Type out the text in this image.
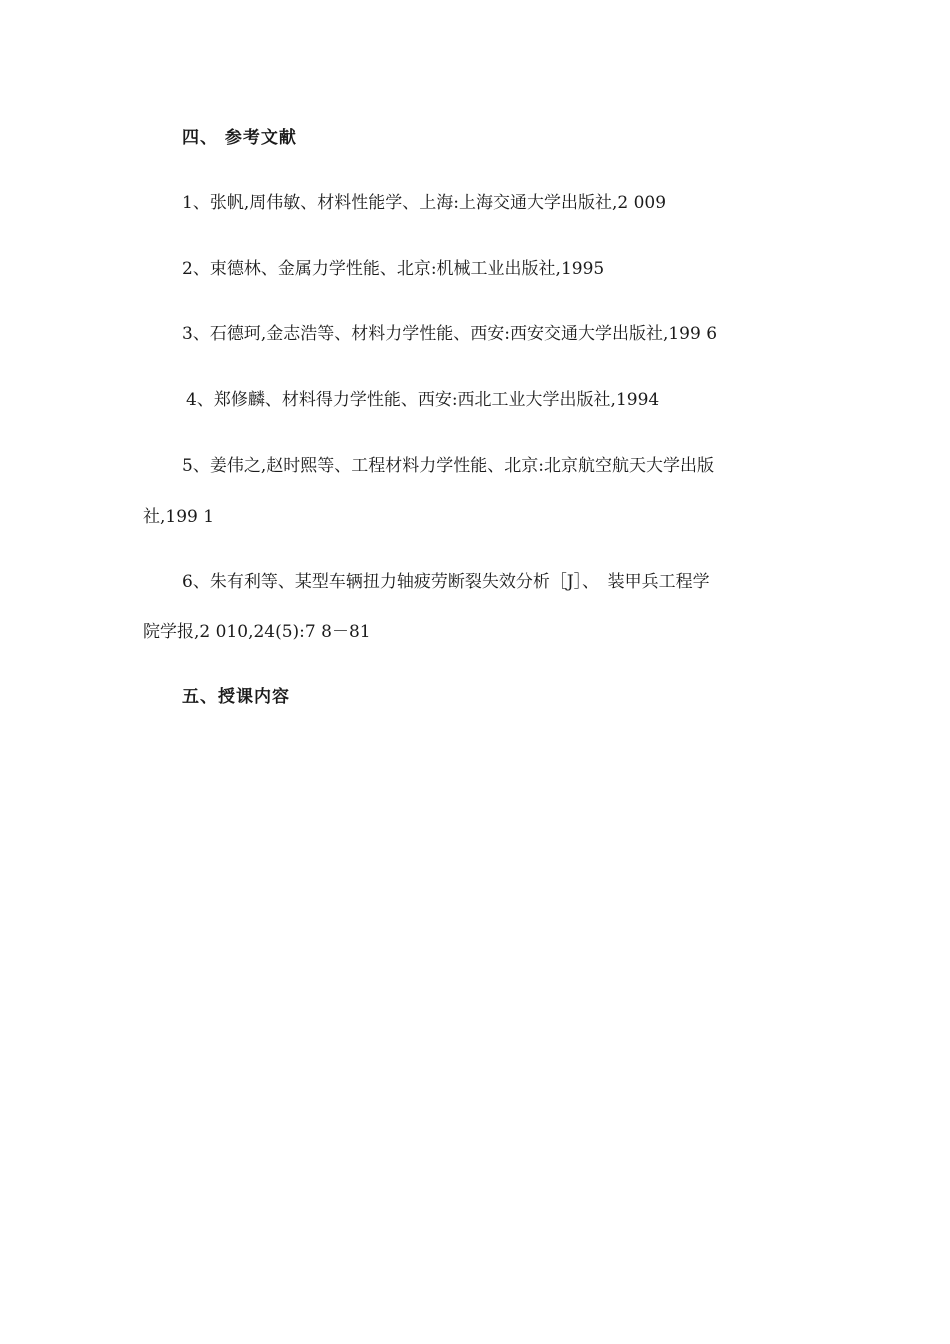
四、 参考文献
1、张帆,周伟敏、材料性能学、上海:上海交通大学出版社,2 009
2、束德林、金属力学性能、北京:机械工业出版社,1995
3、石德珂,金志浩等、材料力学性能、西安:西安交通大学出版社,199 6
4、郑修麟、材料得力学性能、西安:西北工业大学出版社,1994
5、姜伟之,赵时熙等、工程材料力学性能、北京:北京航空航天大学出版
社,199 1
6、朱有利等、某型车辆扭力轴疲劳断裂失效分析［J］、　装甲兵工程学
院学报,2 010,24(5):7 8－81
五、授课内容
